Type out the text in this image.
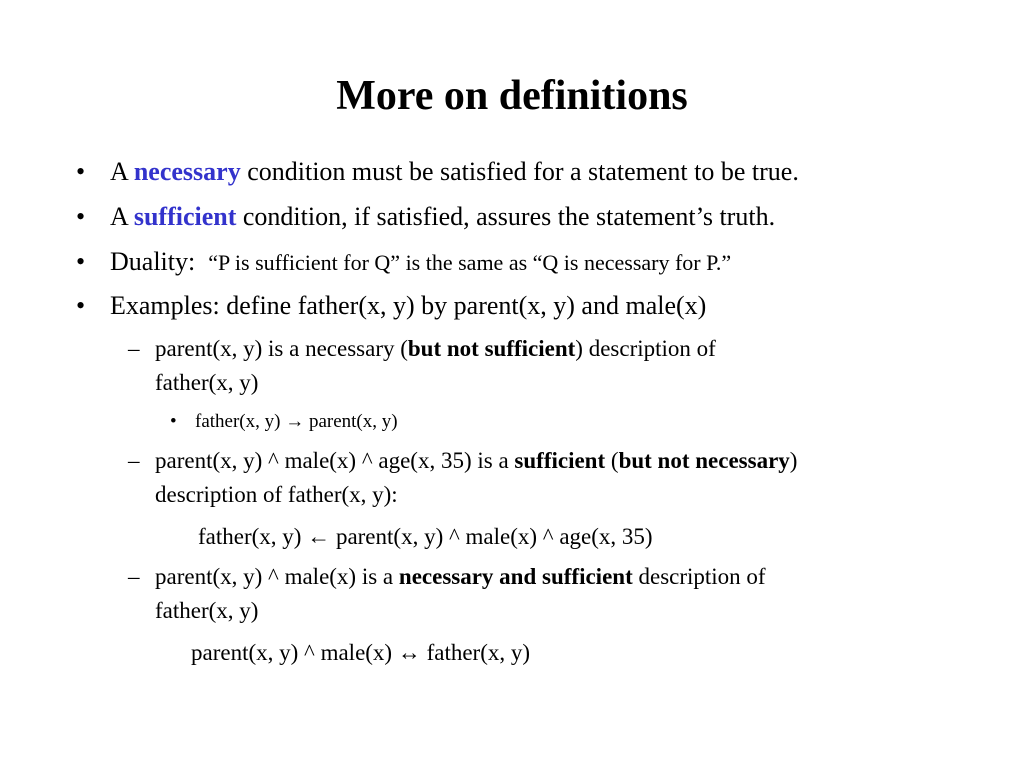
More on definitions
• A necessary condition must be satisfied for a statement to be true.
• A sufficient condition, if satisfied, assures the statement’s truth.
• Duality:  “P is sufficient for Q” is the same as “Q is necessary for P.”
• Examples: define father(x, y) by parent(x, y) and male(x)
– parent(x, y) is a necessary (but not sufficient) description of
father(x, y)
• father(x, y) → parent(x, y)
– parent(x, y) ^ male(x) ^ age(x, 35) is a sufficient (but not necessary)
description of father(x, y):
father(x, y) ← parent(x, y) ^ male(x) ^ age(x, 35)
– parent(x, y) ^ male(x) is a necessary and sufficient description of
father(x, y)
parent(x, y) ^ male(x) ↔ father(x, y)
